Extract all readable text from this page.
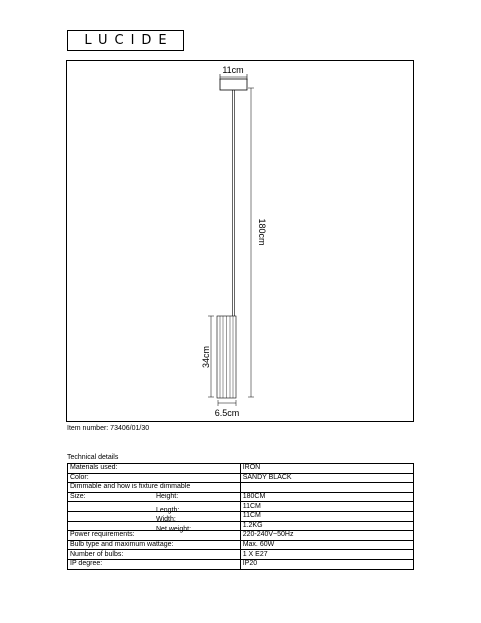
LUCIDE
11cm
180cm
34cm
6.5cm
Item number: 73406/01/30
Technical details
Materials used:	IRON
Color:	SANDY BLACK
Dimmable and how is fixture dimmable	
Size: Height:	180CM

Length:	11CM

Width:	11CM

Net weight:	1.2KG
Power requirements:	220-240V~50Hz
Bulb type and maximum wattage:	Max. 60W
Number of bulbs:	1 X E27
IP degree:	IP20
